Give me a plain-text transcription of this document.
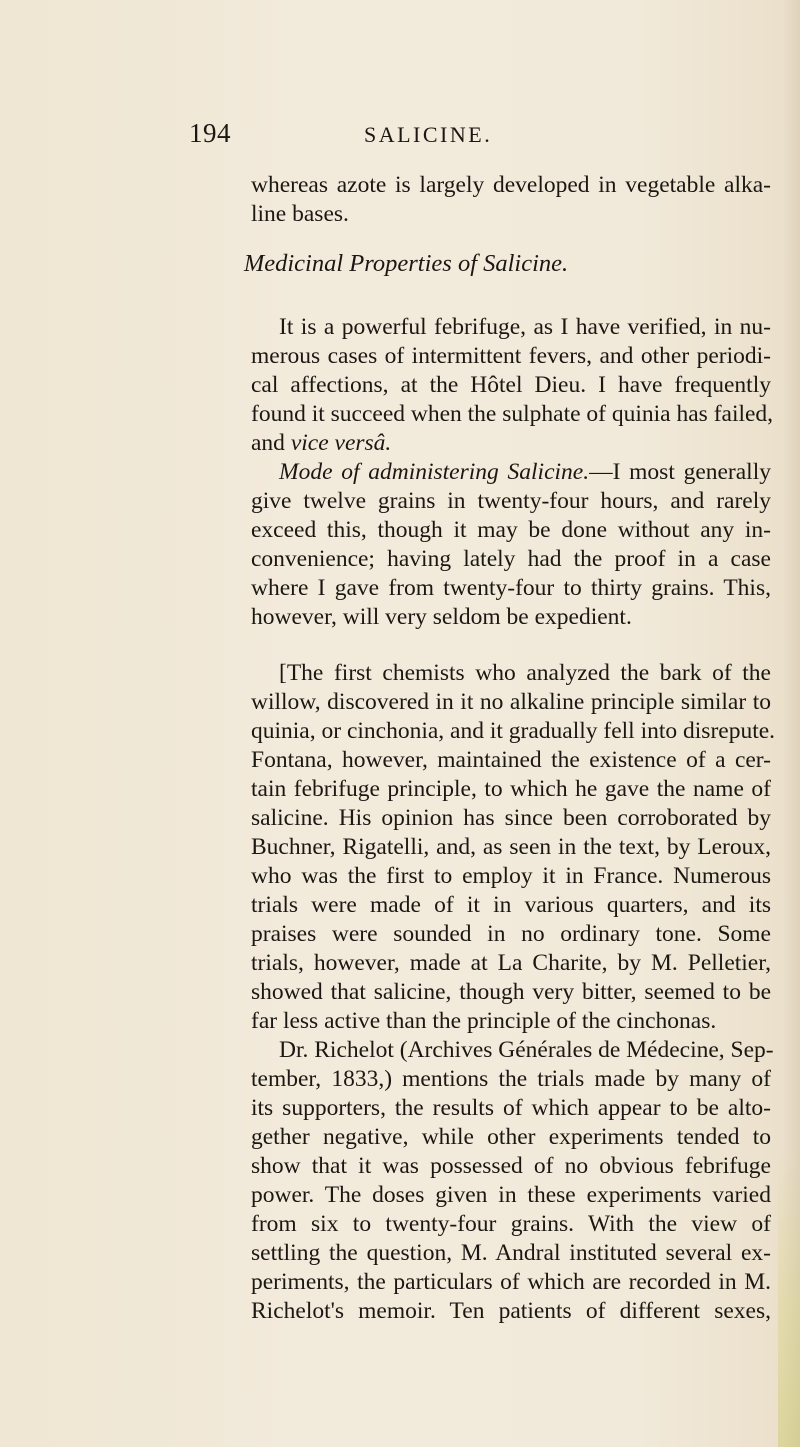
194	SALICINE.
whereas azote is largely developed in vegetable alka-
line bases.
Medicinal Properties of Salicine.
It is a powerful febrifuge, as I have verified, in nu-
merous cases of intermittent fevers, and other periodi-
cal affections, at the Hôtel Dieu. I have frequently
found it succeed when the sulphate of quinia has failed,
and vice versâ.
Mode of administering Salicine.—I most generally
give twelve grains in twenty-four hours, and rarely
exceed this, though it may be done without any in-
convenience; having lately had the proof in a case
where I gave from twenty-four to thirty grains. This,
however, will very seldom be expedient.
[The first chemists who analyzed the bark of the
willow, discovered in it no alkaline principle similar to
quinia, or cinchonia, and it gradually fell into disrepute.
Fontana, however, maintained the existence of a cer-
tain febrifuge principle, to which he gave the name of
salicine. His opinion has since been corroborated by
Buchner, Rigatelli, and, as seen in the text, by Leroux,
who was the first to employ it in France. Numerous
trials were made of it in various quarters, and its
praises were sounded in no ordinary tone. Some
trials, however, made at La Charite, by M. Pelletier,
showed that salicine, though very bitter, seemed to be
far less active than the principle of the cinchonas.
Dr. Richelot (Archives Générales de Médecine, Sep-
tember, 1833,) mentions the trials made by many of
its supporters, the results of which appear to be alto-
gether negative, while other experiments tended to
show that it was possessed of no obvious febrifuge
power. The doses given in these experiments varied
from six to twenty-four grains. With the view of
settling the question, M. Andral instituted several ex-
periments, the particulars of which are recorded in M.
Richelot's memoir. Ten patients of different sexes,
